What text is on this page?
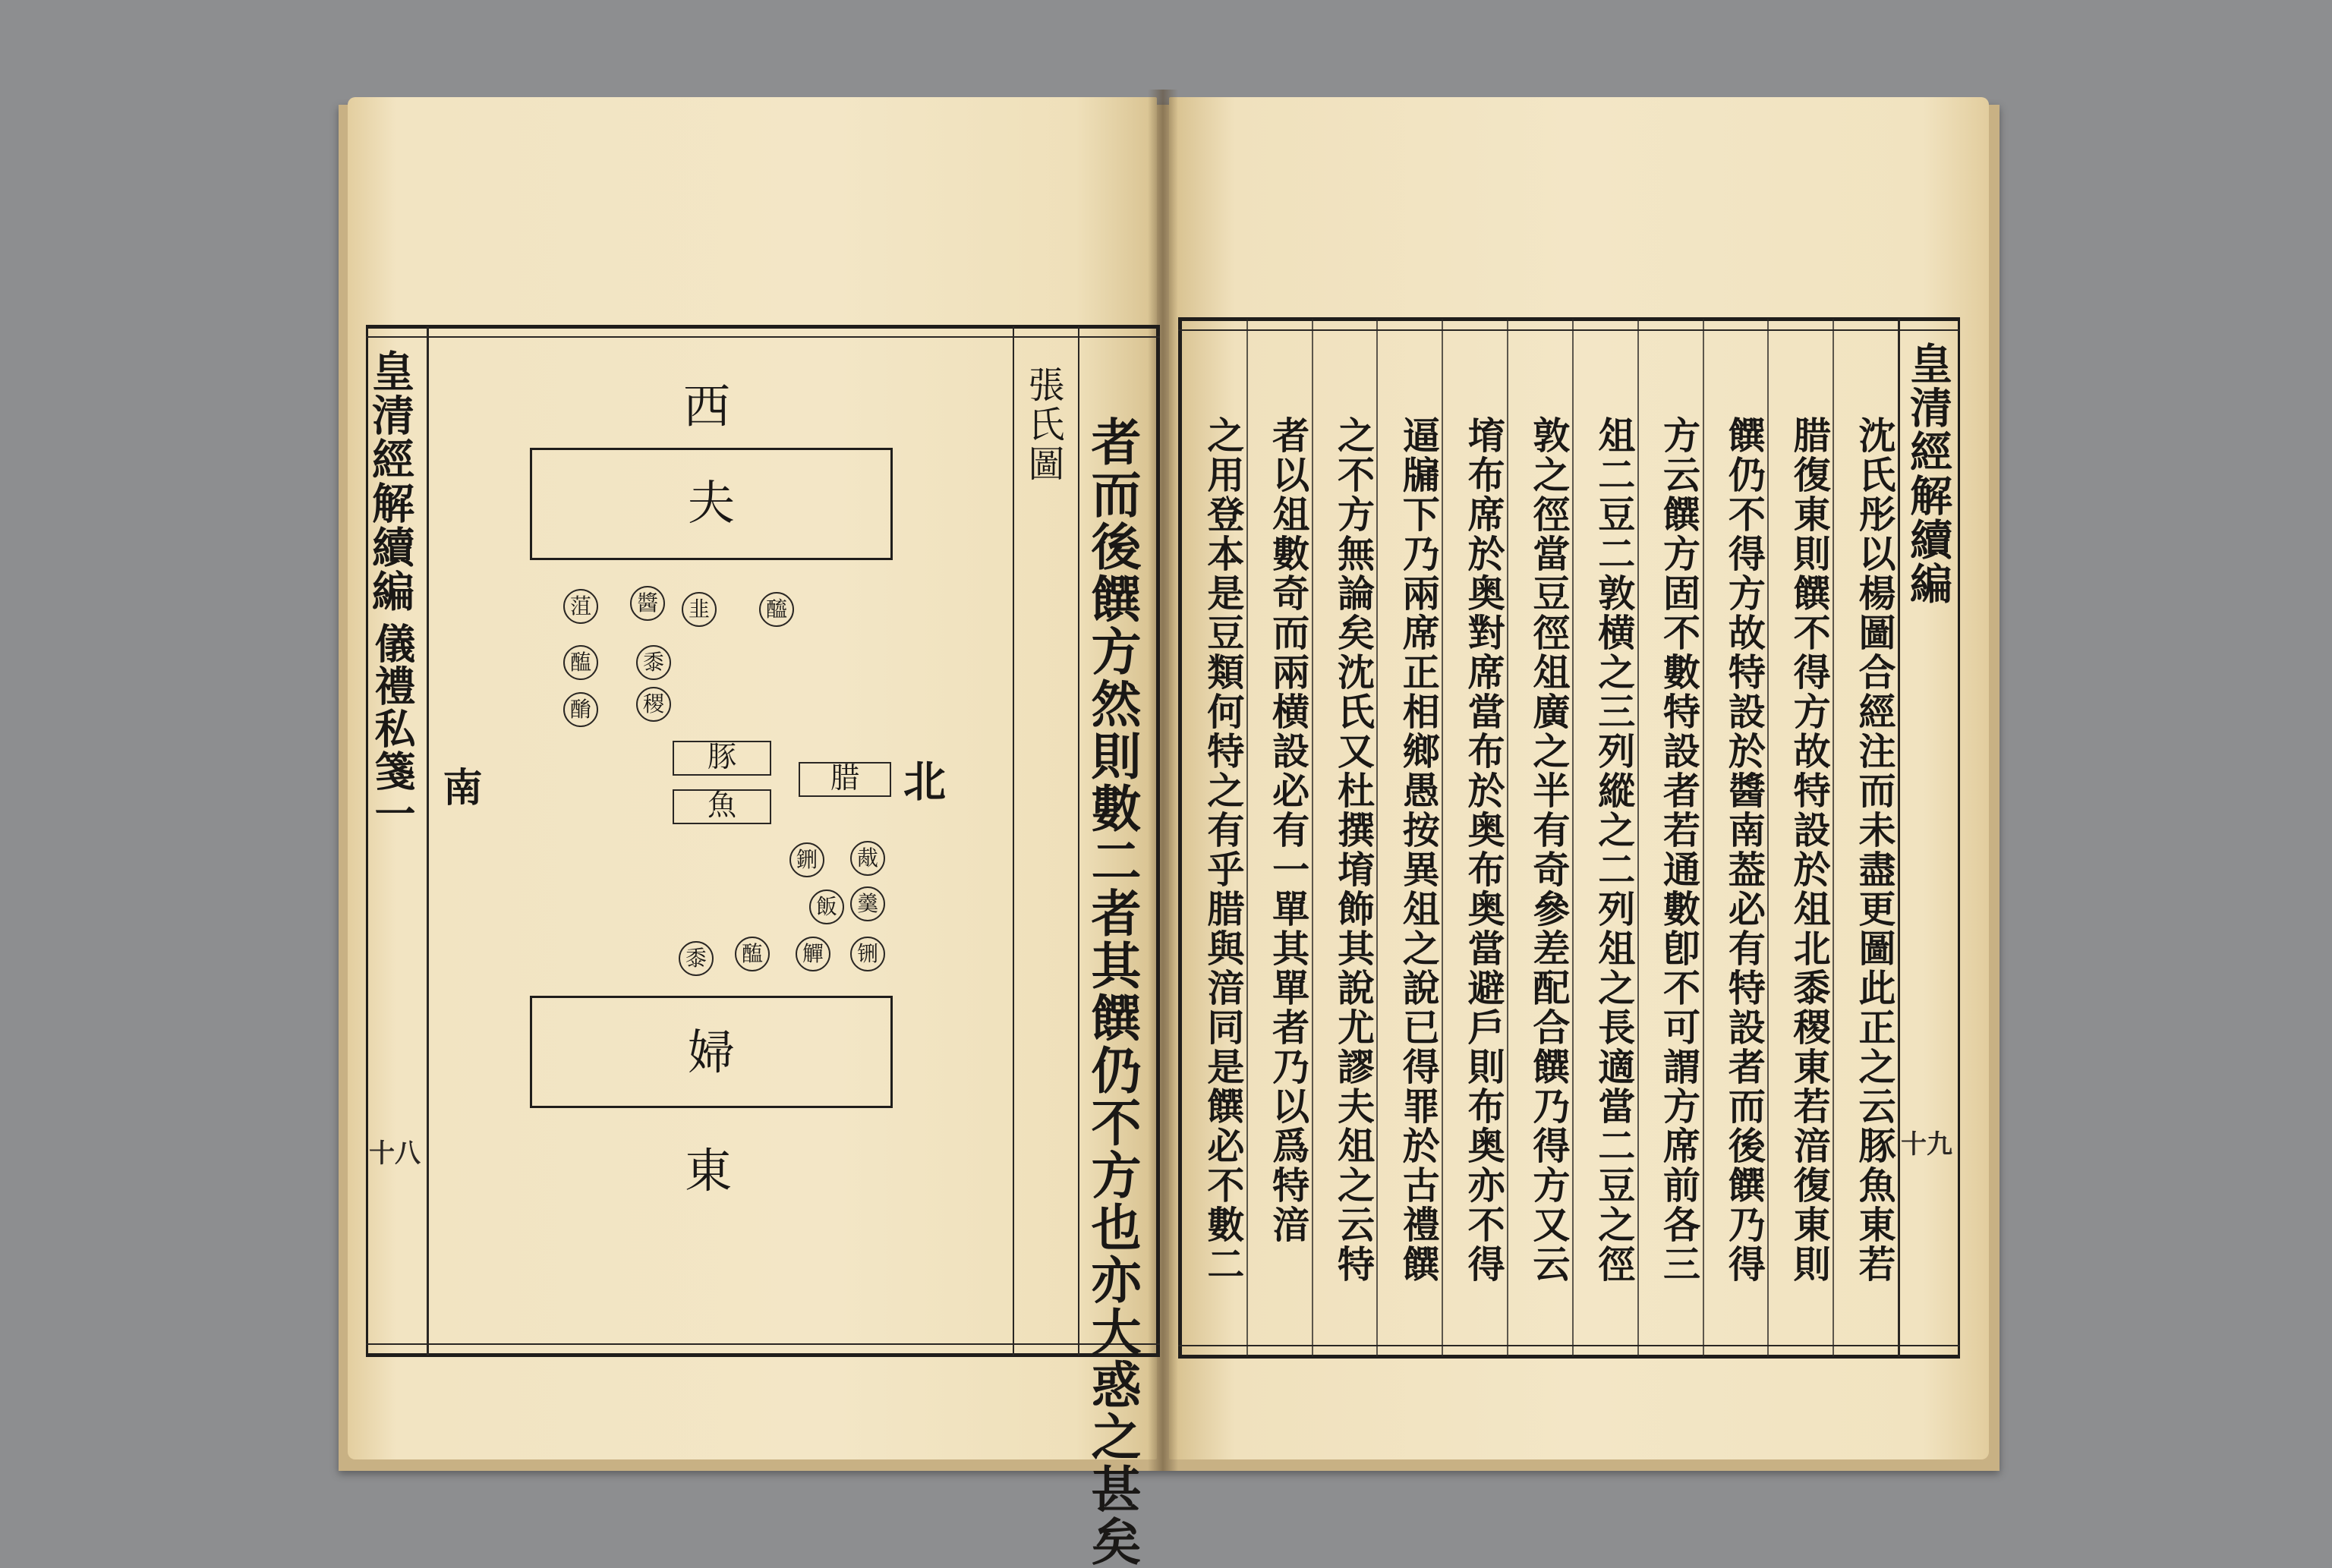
皇清經解續編
儀禮私箋一
十八	者而後饌方然則數二者其饌仍不方也亦大惑之甚矣
張氏圖
西
夫
醯
韭
醬
菹
醢
酳
黍
稷
豚
魚
腊 北
南
胾
鉶
羹
飯
铏
觶
醢
黍
婦
東
皇清經解續編
十九
沈氏彤以楊圖合經注而未盡更圖此正之云豚魚東若
腊復東則饌不得方故特設於俎北黍稷東若湆復東則
饌仍不得方故特設於醬南葢必有特設者而後饌乃得
方云饌方固不數特設者若通數卽不可謂方席前各三
俎二豆二敦横之三列縱之二列俎之長適當二豆之徑
敦之徑當豆徑俎廣之半有奇參差配合饌乃得方又云
堉布席於奥對席當布於奥布奥當避戶則布奥亦不得
逼牖下乃兩席正相鄉愚按異俎之說已得罪於古禮饌
之不方無論矣沈氏又杜撰堉飾其說尤謬夫俎之云特
者以俎數奇而兩横設必有一單其單者乃以爲特湆
之用登本是豆類何特之有乎腊與湆同是饌必不數二
